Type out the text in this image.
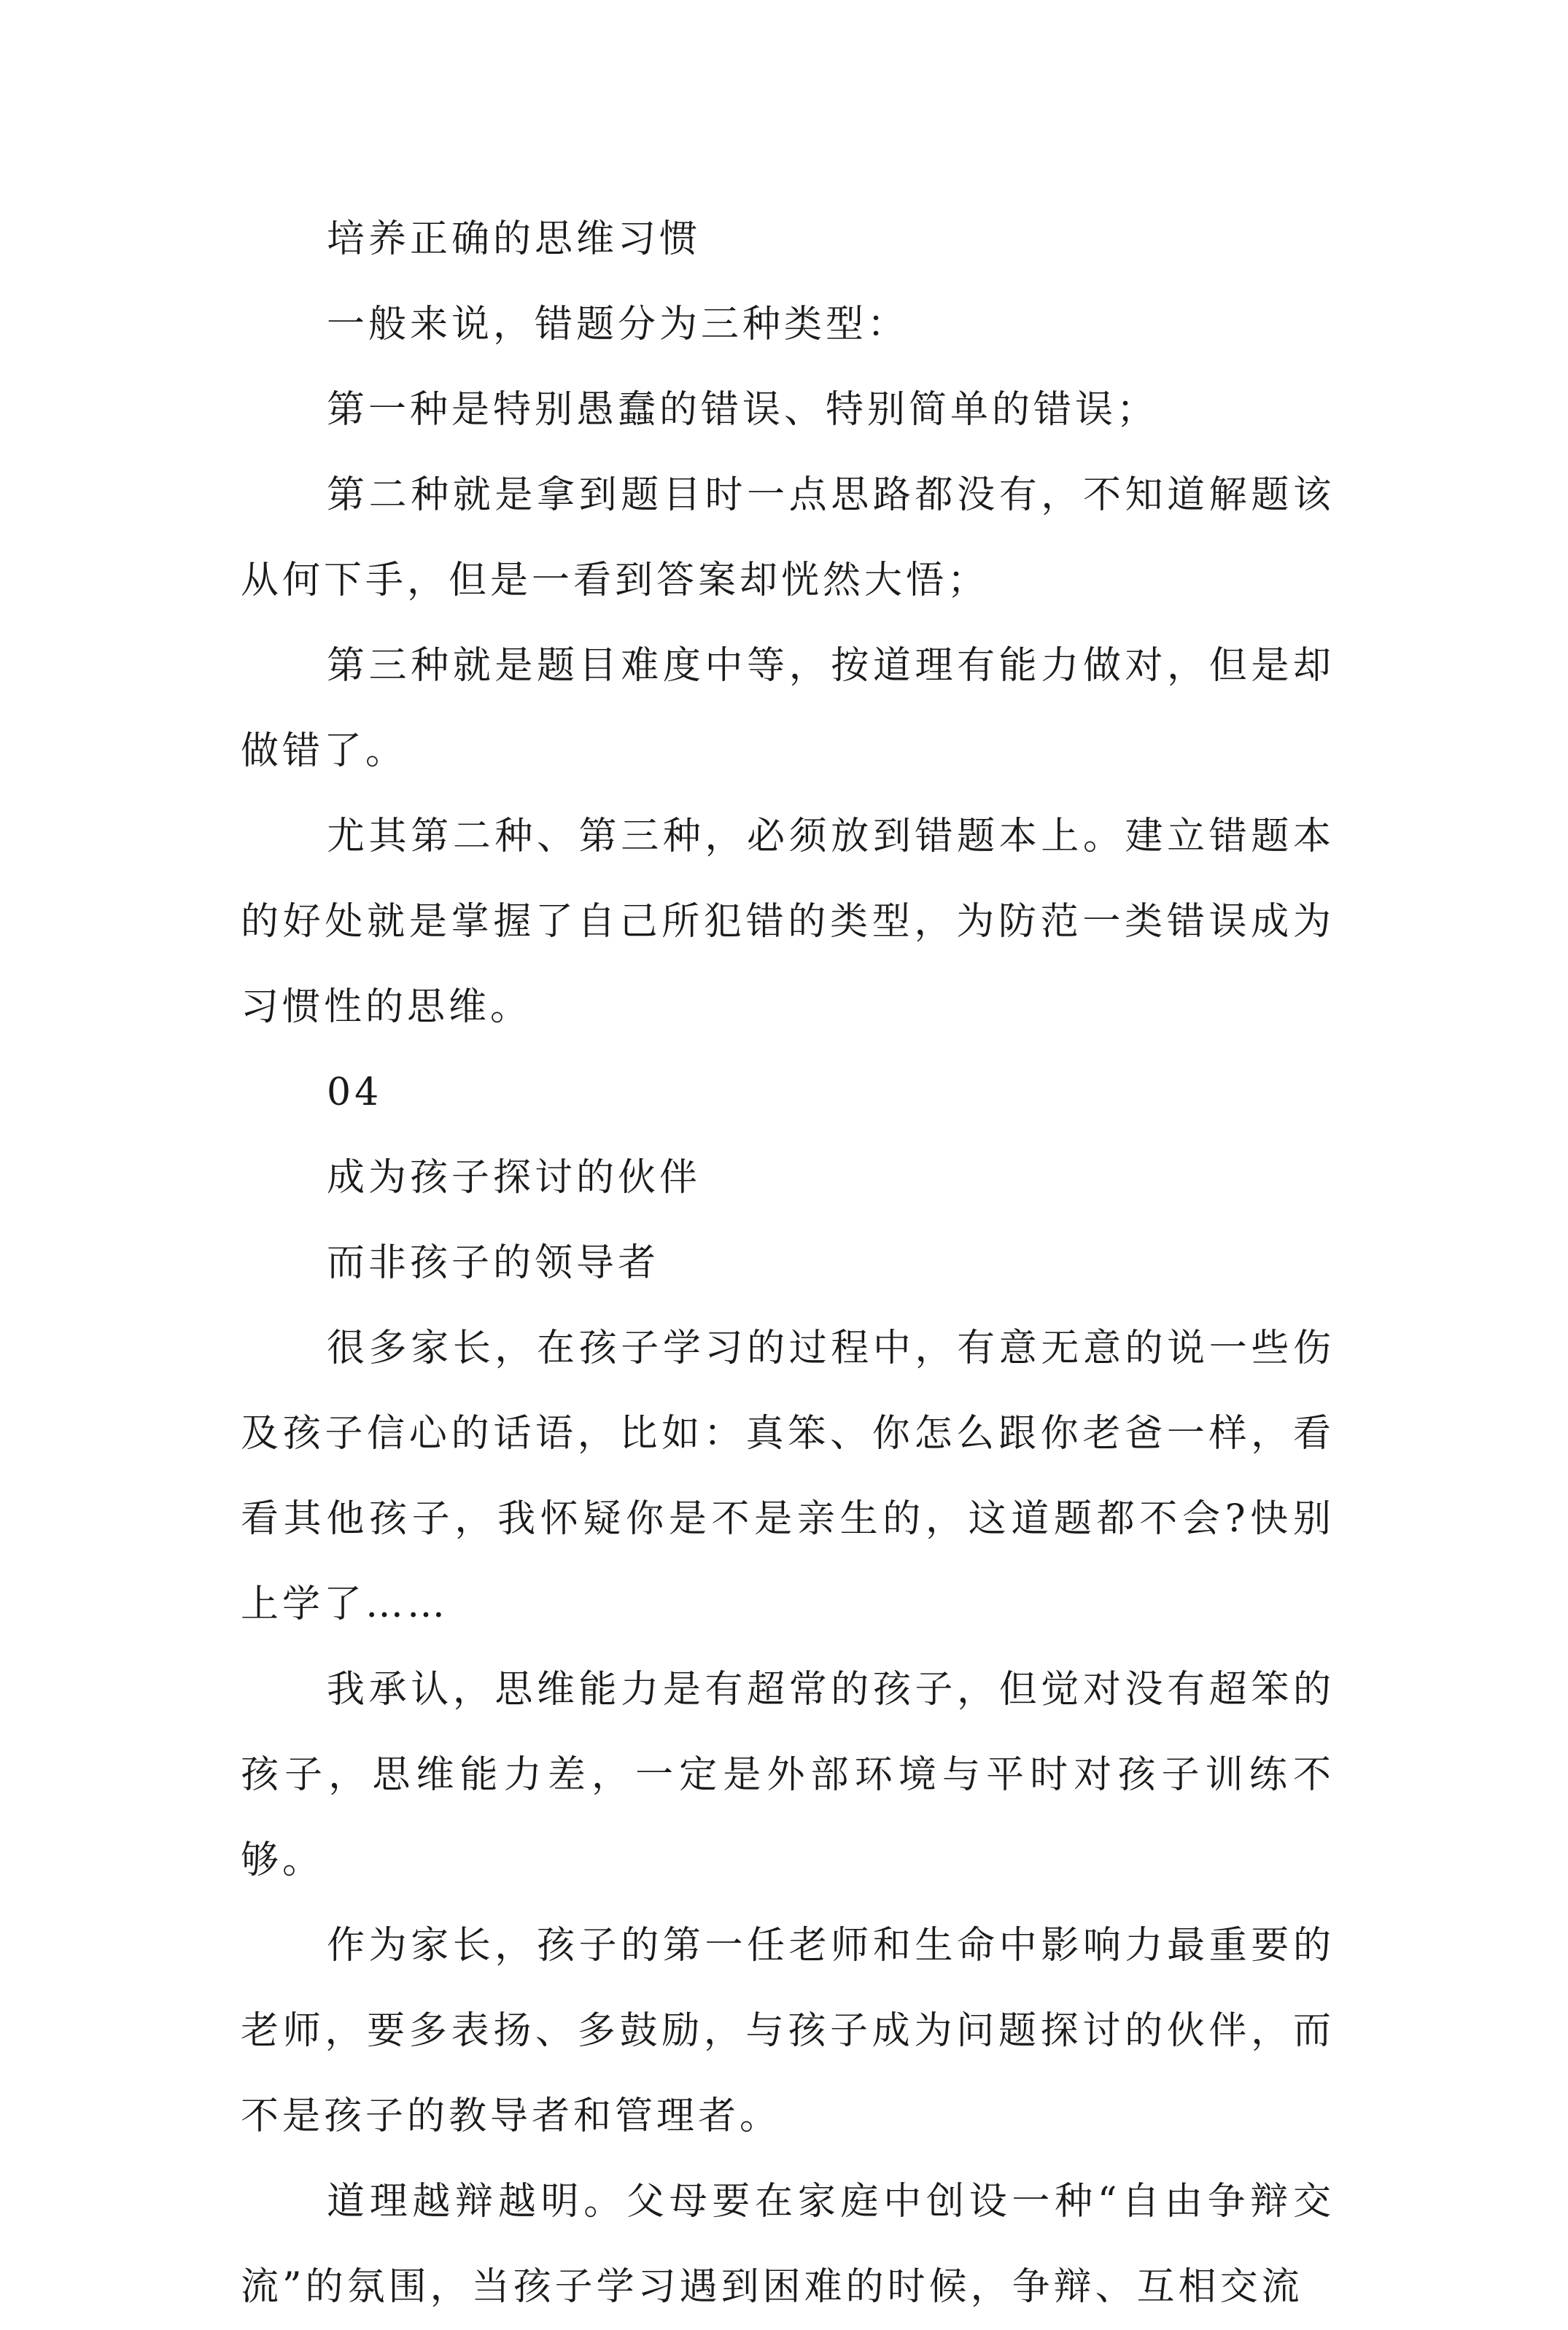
培养正确的思维习惯

一般来说，错题分为三种类型：

第一种是特别愚蠢的错误、特别简单的错误；

第二种就是拿到题目时一点思路都没有，不知道解题该从何下手，但是一看到答案却恍然大悟；

第三种就是题目难度中等，按道理有能力做对，但是却做错了。

尤其第二种、第三种，必须放到错题本上。建立错题本的好处就是掌握了自己所犯错的类型，为防范一类错误成为习惯性的思维。

04

成为孩子探讨的伙伴

而非孩子的领导者

很多家长，在孩子学习的过程中，有意无意的说一些伤及孩子信心的话语，比如：真笨、你怎么跟你老爸一样，看看其他孩子，我怀疑你是不是亲生的，这道题都不会?快别上学了……

我承认，思维能力是有超常的孩子，但觉对没有超笨的孩子，思维能力差，一定是外部环境与平时对孩子训练不够。

作为家长，孩子的第一任老师和生命中影响力最重要的老师，要多表扬、多鼓励，与孩子成为问题探讨的伙伴，而不是孩子的教导者和管理者。

道理越辩越明。父母要在家庭中创设一种“自由争辩交流”的氛围，当孩子学习遇到困难的时候，争辩、互相交流
